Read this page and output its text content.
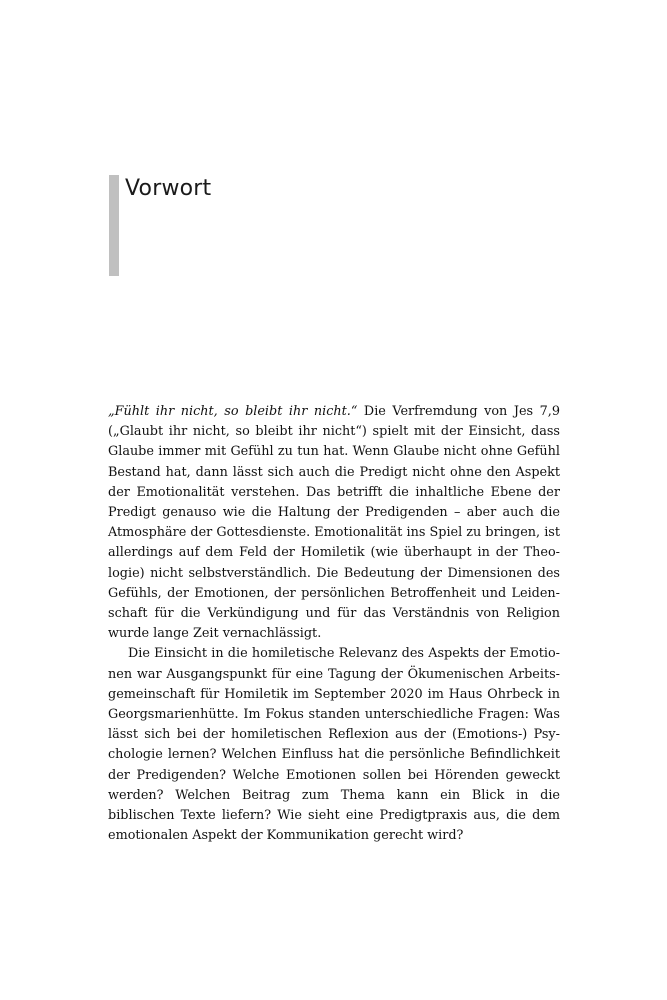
Vorwort

„Fühlt ihr nicht, so bleibt ihr nicht.“ Die Verfremdung von Jes 7,9 („Glaubt ihr nicht, so bleibt ihr nicht“) spielt mit der Einsicht, dass Glaube immer mit Gefühl zu tun hat. Wenn Glaube nicht ohne Gefühl Bestand hat, dann lässt sich auch die Predigt nicht ohne den Aspekt der Emotionalität verstehen. Das betrifft die inhaltliche Ebene der Predigt genauso wie die Haltung der Predigenden – aber auch die Atmosphäre der Gottesdienste. Emotionalität ins Spiel zu bringen, ist allerdings auf dem Feld der Homiletik (wie überhaupt in der Theologie) nicht selbstverständlich. Die Bedeutung der Dimensionen des Gefühls, der Emotionen, der persönlichen Betroffenheit und Leidenschaft für die Verkündigung und für das Verständnis von Religion wurde lange Zeit vernachlässigt.

Die Einsicht in die homiletische Relevanz des Aspekts der Emotionen war Ausgangspunkt für eine Tagung der Ökumenischen Arbeitsgemeinschaft für Homiletik im September 2020 im Haus Ohrbeck in Georgsmarienhütte. Im Fokus standen unterschiedliche Fragen: Was lässt sich bei der homiletischen Reflexion aus der (Emotions-) Psychologie lernen? Welchen Einfluss hat die persönliche Befindlichkeit der Predigenden? Welche Emotionen sollen bei Hörenden geweckt werden? Welchen Beitrag zum Thema kann ein Blick in die biblischen Texte liefern? Wie sieht eine Predigtpraxis aus, die dem emotionalen Aspekt der Kommunikation gerecht wird?
